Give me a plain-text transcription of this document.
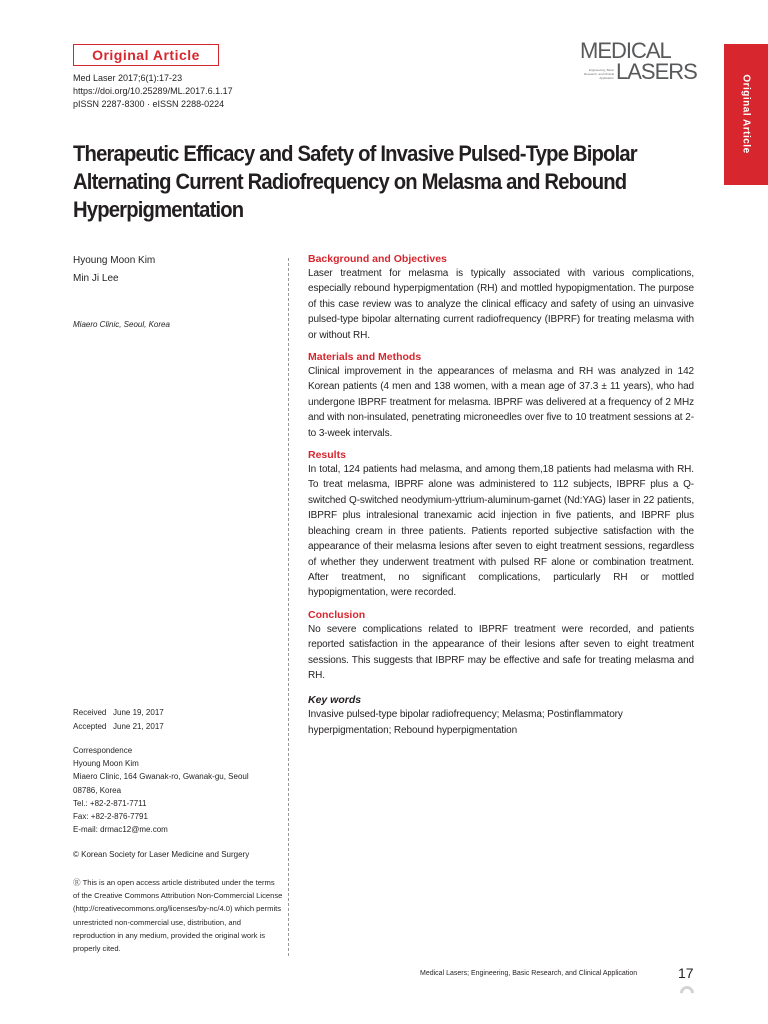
Original Article
Med Laser 2017;6(1):17-23
https://doi.org/10.25289/ML.2017.6.1.17
pISSN 2287-8300 · eISSN 2288-0224
MEDICAL
Engineering, Basic Research, and Clinical Application LASERS
Original Article
Therapeutic Efficacy and Safety of Invasive Pulsed-Type Bipolar Alternating Current Radiofrequency on Melasma and Rebound Hyperpigmentation
Hyoung Moon Kim
Min Ji Lee
Miaero Clinic, Seoul, Korea
Received June 19, 2017
Accepted June 21, 2017
Correspondence
Hyoung Moon Kim
Miaero Clinic, 164 Gwanak-ro, Gwanak-gu, Seoul
08786, Korea
Tel.: +82-2-871-7711
Fax: +82-2-876-7791
E-mail: drmac12@me.com
© Korean Society for Laser Medicine and Surgery
Ⓡ This is an open access article distributed under the terms of the Creative Commons Attribution Non-Commercial License (http://creativecommons.org/licenses/by-nc/4.0) which permits unrestricted non-commercial use, distribution, and reproduction in any medium, provided the original work is properly cited.
Background and Objectives

Laser treatment for melasma is typically associated with various complications, especially rebound hyperpigmentation (RH) and mottled hypopigmentation. The purpose of this case review was to analyze the clinical efficacy and safety of using an uinvasive pulsed-type bipolar alternating current radiofrequency (IBPRF) for treating melasma with or without RH.

Materials and Methods

Clinical improvement in the appearances of melasma and RH was analyzed in 142 Korean patients (4 men and 138 women, with a mean age of 37.3 ± 11 years), who had undergone IBPRF treatment for melasma. IBPRF was delivered at a frequency of 2 MHz and with non-insulated, penetrating microneedles over five to 10 treatment sessions at 2- to 3-week intervals.

Results

In total, 124 patients had melasma, and among them,18 patients had melasma with RH. To treat melasma, IBPRF alone was administered to 112 subjects, IBPRF plus a Q-switched Q-switched neodymium-yttrium-aluminum-garnet (Nd:YAG) laser in 22 patients, IBPRF plus intralesional tranexamic acid injection in five patients, and IBPRF plus bleaching cream in three patients. Patients reported subjective satisfaction with the appearance of their melasma lesions after seven to eight treatment sessions, regardless of whether they underwent treatment with pulsed RF alone or combination treatment. After treatment, no significant complications, particularly RH or mottled hypopigmentation, were recorded.

Conclusion

No severe complications related to IBPRF treatment were recorded, and patients reported satisfaction in the appearance of their lesions after seven to eight treatment sessions. This suggests that IBPRF may be effective and safe for treating melasma and RH.

Key words

Invasive pulsed-type bipolar radiofrequency; Melasma; Postinflammatory hyperpigmentation; Rebound hyperpigmentation

Medical Lasers; Engineering, Basic Research, and Clinical Application	17
